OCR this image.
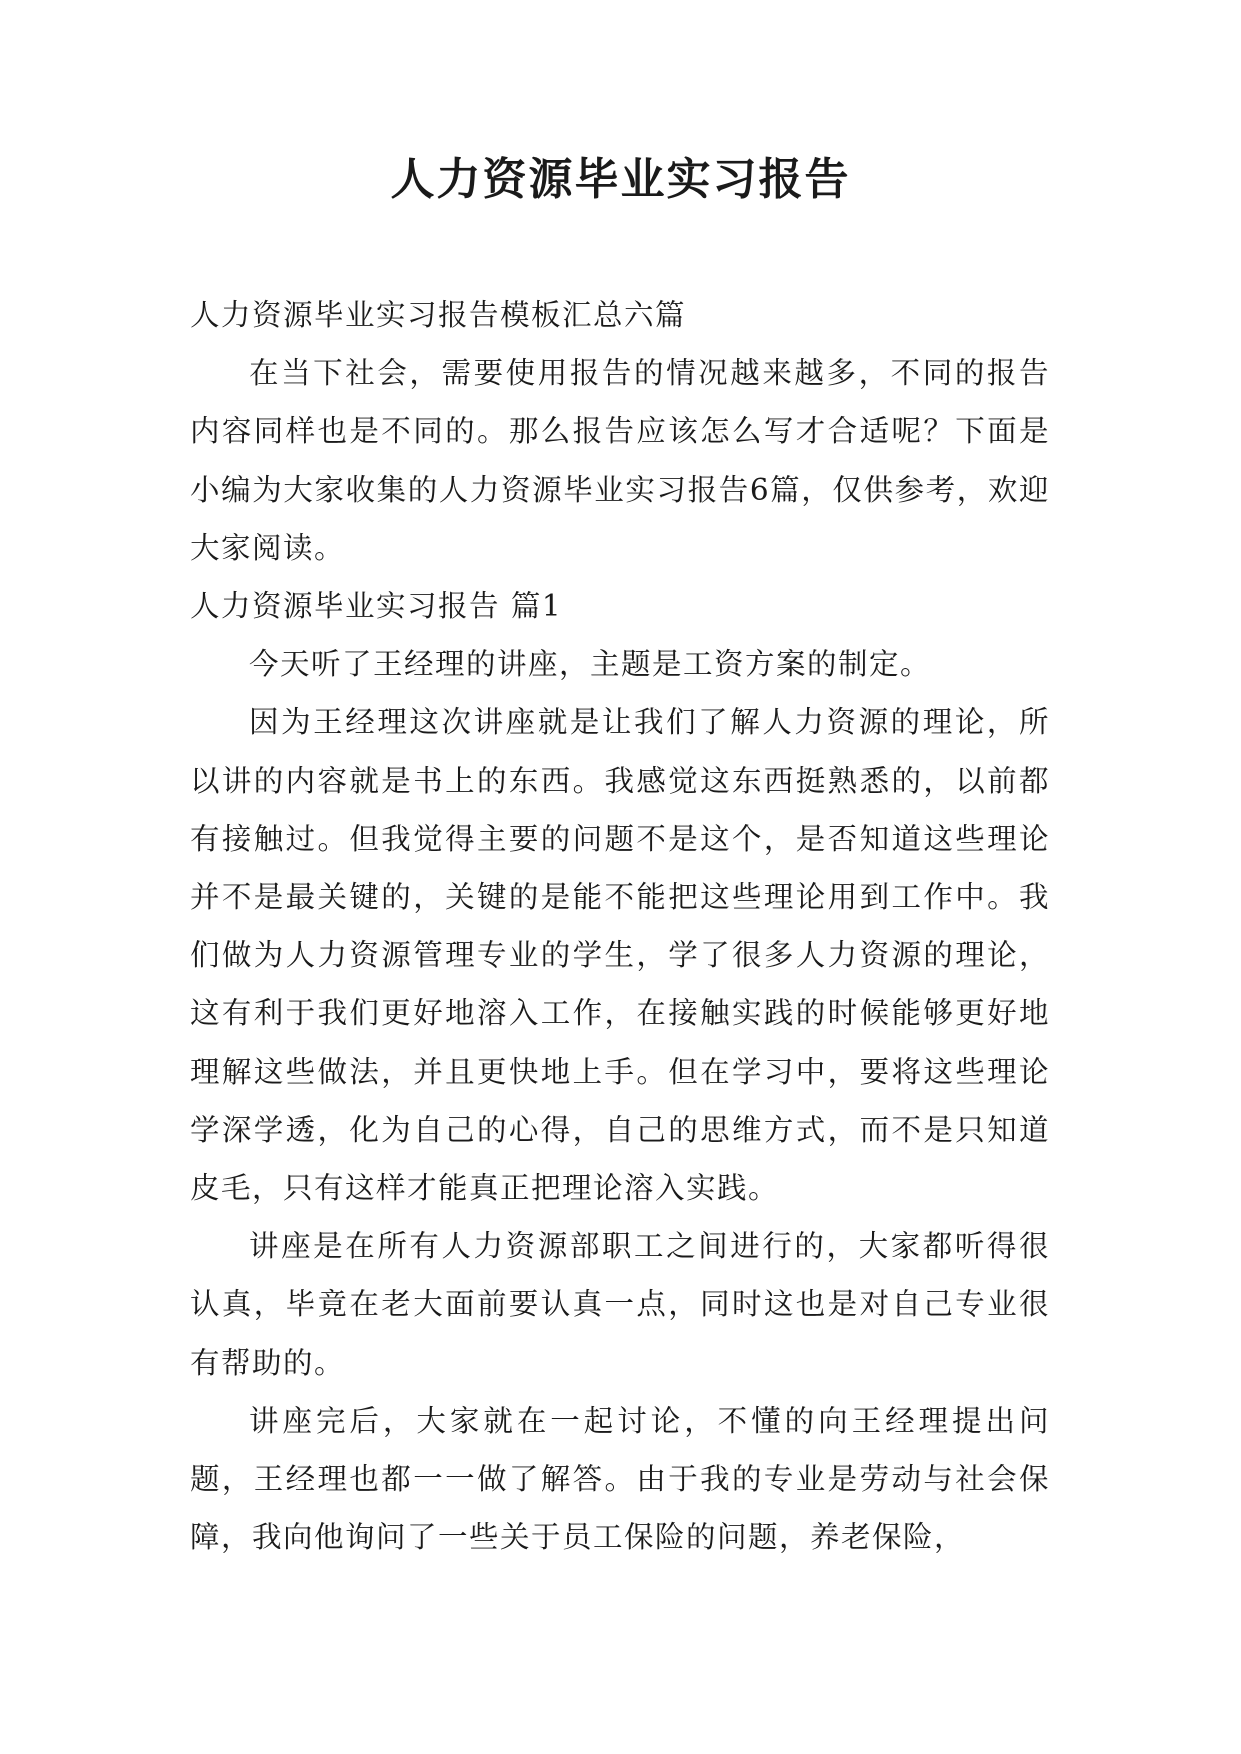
人力资源毕业实习报告

人力资源毕业实习报告模板汇总六篇

在当下社会，需要使用报告的情况越来越多，不同的报告内容同样也是不同的。那么报告应该怎么写才合适呢？下面是小编为大家收集的人力资源毕业实习报告6篇，仅供参考，欢迎大家阅读。

人力资源毕业实习报告 篇1

今天听了王经理的讲座，主题是工资方案的制定。

因为王经理这次讲座就是让我们了解人力资源的理论，所以讲的内容就是书上的东西。我感觉这东西挺熟悉的，以前都有接触过。但我觉得主要的问题不是这个，是否知道这些理论并不是最关键的，关键的是能不能把这些理论用到工作中。我们做为人力资源管理专业的学生，学了很多人力资源的理论，这有利于我们更好地溶入工作，在接触实践的时候能够更好地理解这些做法，并且更快地上手。但在学习中，要将这些理论学深学透，化为自己的心得，自己的思维方式，而不是只知道皮毛，只有这样才能真正把理论溶入实践。

讲座是在所有人力资源部职工之间进行的，大家都听得很认真，毕竟在老大面前要认真一点，同时这也是对自己专业很有帮助的。

讲座完后，大家就在一起讨论，不懂的向王经理提出问题，王经理也都一一做了解答。由于我的专业是劳动与社会保障，我向他询问了一些关于员工保险的问题，养老保险，
